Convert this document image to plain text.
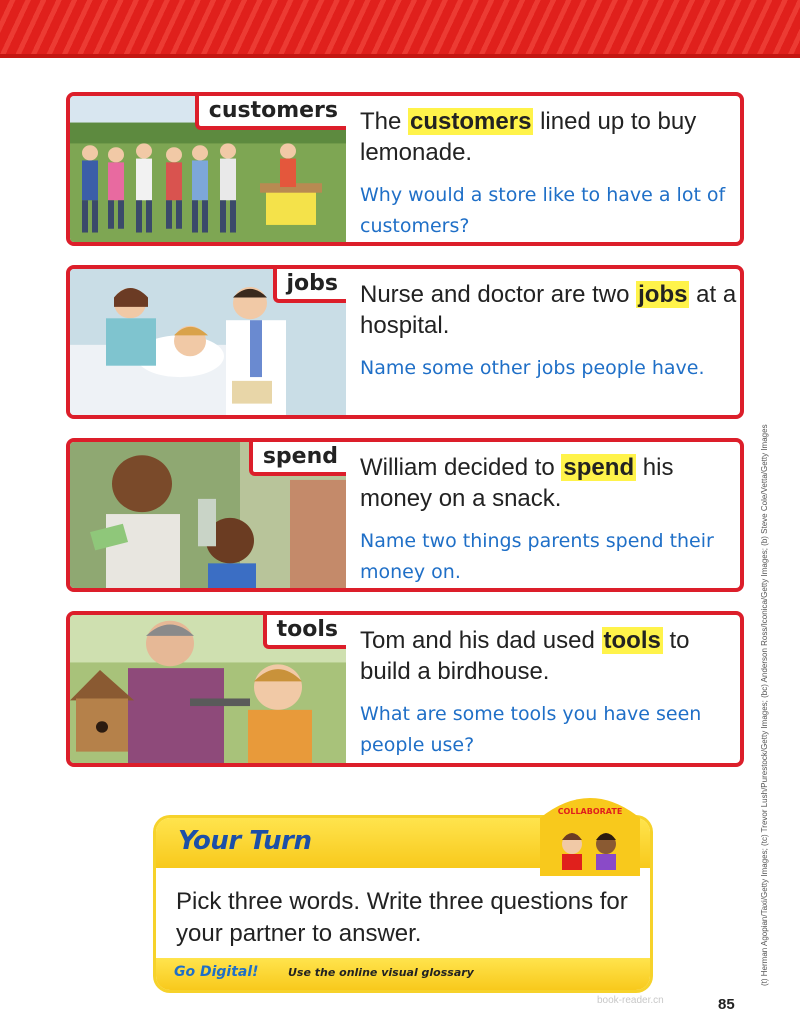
customers The customers lined up to buy lemonade.
Why would a store like to have a lot of customers?
jobs Nurse and doctor are two jobs at a hospital.
Name some other jobs people have.
spend William decided to spend his money on a snack.
Name two things parents spend their money on.
tools Tom and his dad used tools to build a birdhouse.
What are some tools you have seen people use?
Your Turn
Pick three words. Write three questions for your partner to answer.
Go Digital!	Use the online visual glossary
COLLABORATE	(t) Herman Agopian/Taxi/Getty Images; (tc) Trevor Lush/Purestock/Getty Images; (bc) Anderson Ross/Iconica/Getty Images; (b) Steve Cole/Vetta/Getty Images
book-reader.cn	85
